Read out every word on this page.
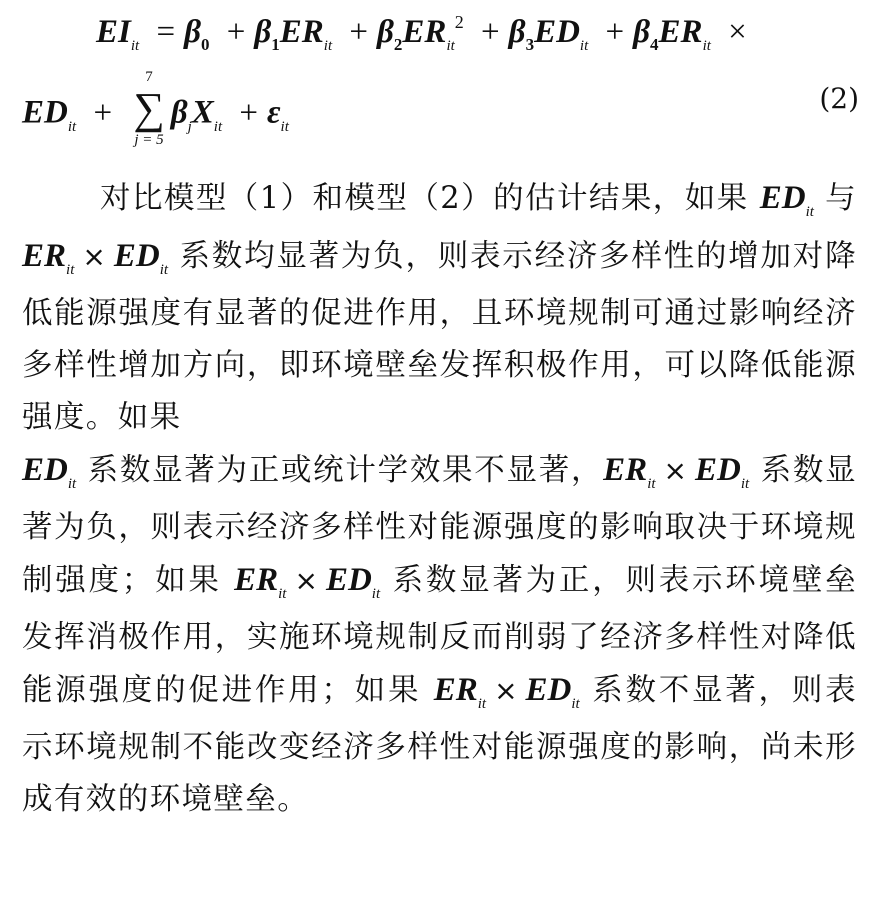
$EI_{it} = \beta_0 + \beta_1ER_{it} + \beta_2ER_{it}^2 + \beta_3ED_{it} + \beta_4ER_{it}$ ×
$ED_{it}$ +
7
∑
j = 5
$\beta_jX_{it} + \varepsilon_{it}$
(2)
对比模型（1）和模型（2）的估计结果，如果 $ED_{it}$ 与 $ER_{it} \times ED_{it}$ 系数均显著为负，则表示经济多样性的增加对降低能源强度有显著的促进作用，且环境规制可通过影响经济多样性增加方向，即环境壁垒发挥积极作用，可以降低能源强度。如果
$ED_{it}$ 系数显著为正或统计学效果不显著，$ER_{it} \times ED_{it}$ 系数显著为负，则表示经济多样性对能源强度的影响取决于环境规制强度；如果 $ER_{it} \times ED_{it}$ 系数显著为正，则表示环境壁垒发挥消极作用，实施环境规制反而削弱了经济多样性对降低能源强度的促进作用；如果 $ER_{it} \times ED_{it}$ 系数不显著，则表示环境规制不能改变经济多样性对能源强度的影响，尚未形成有效的环境壁垒。
